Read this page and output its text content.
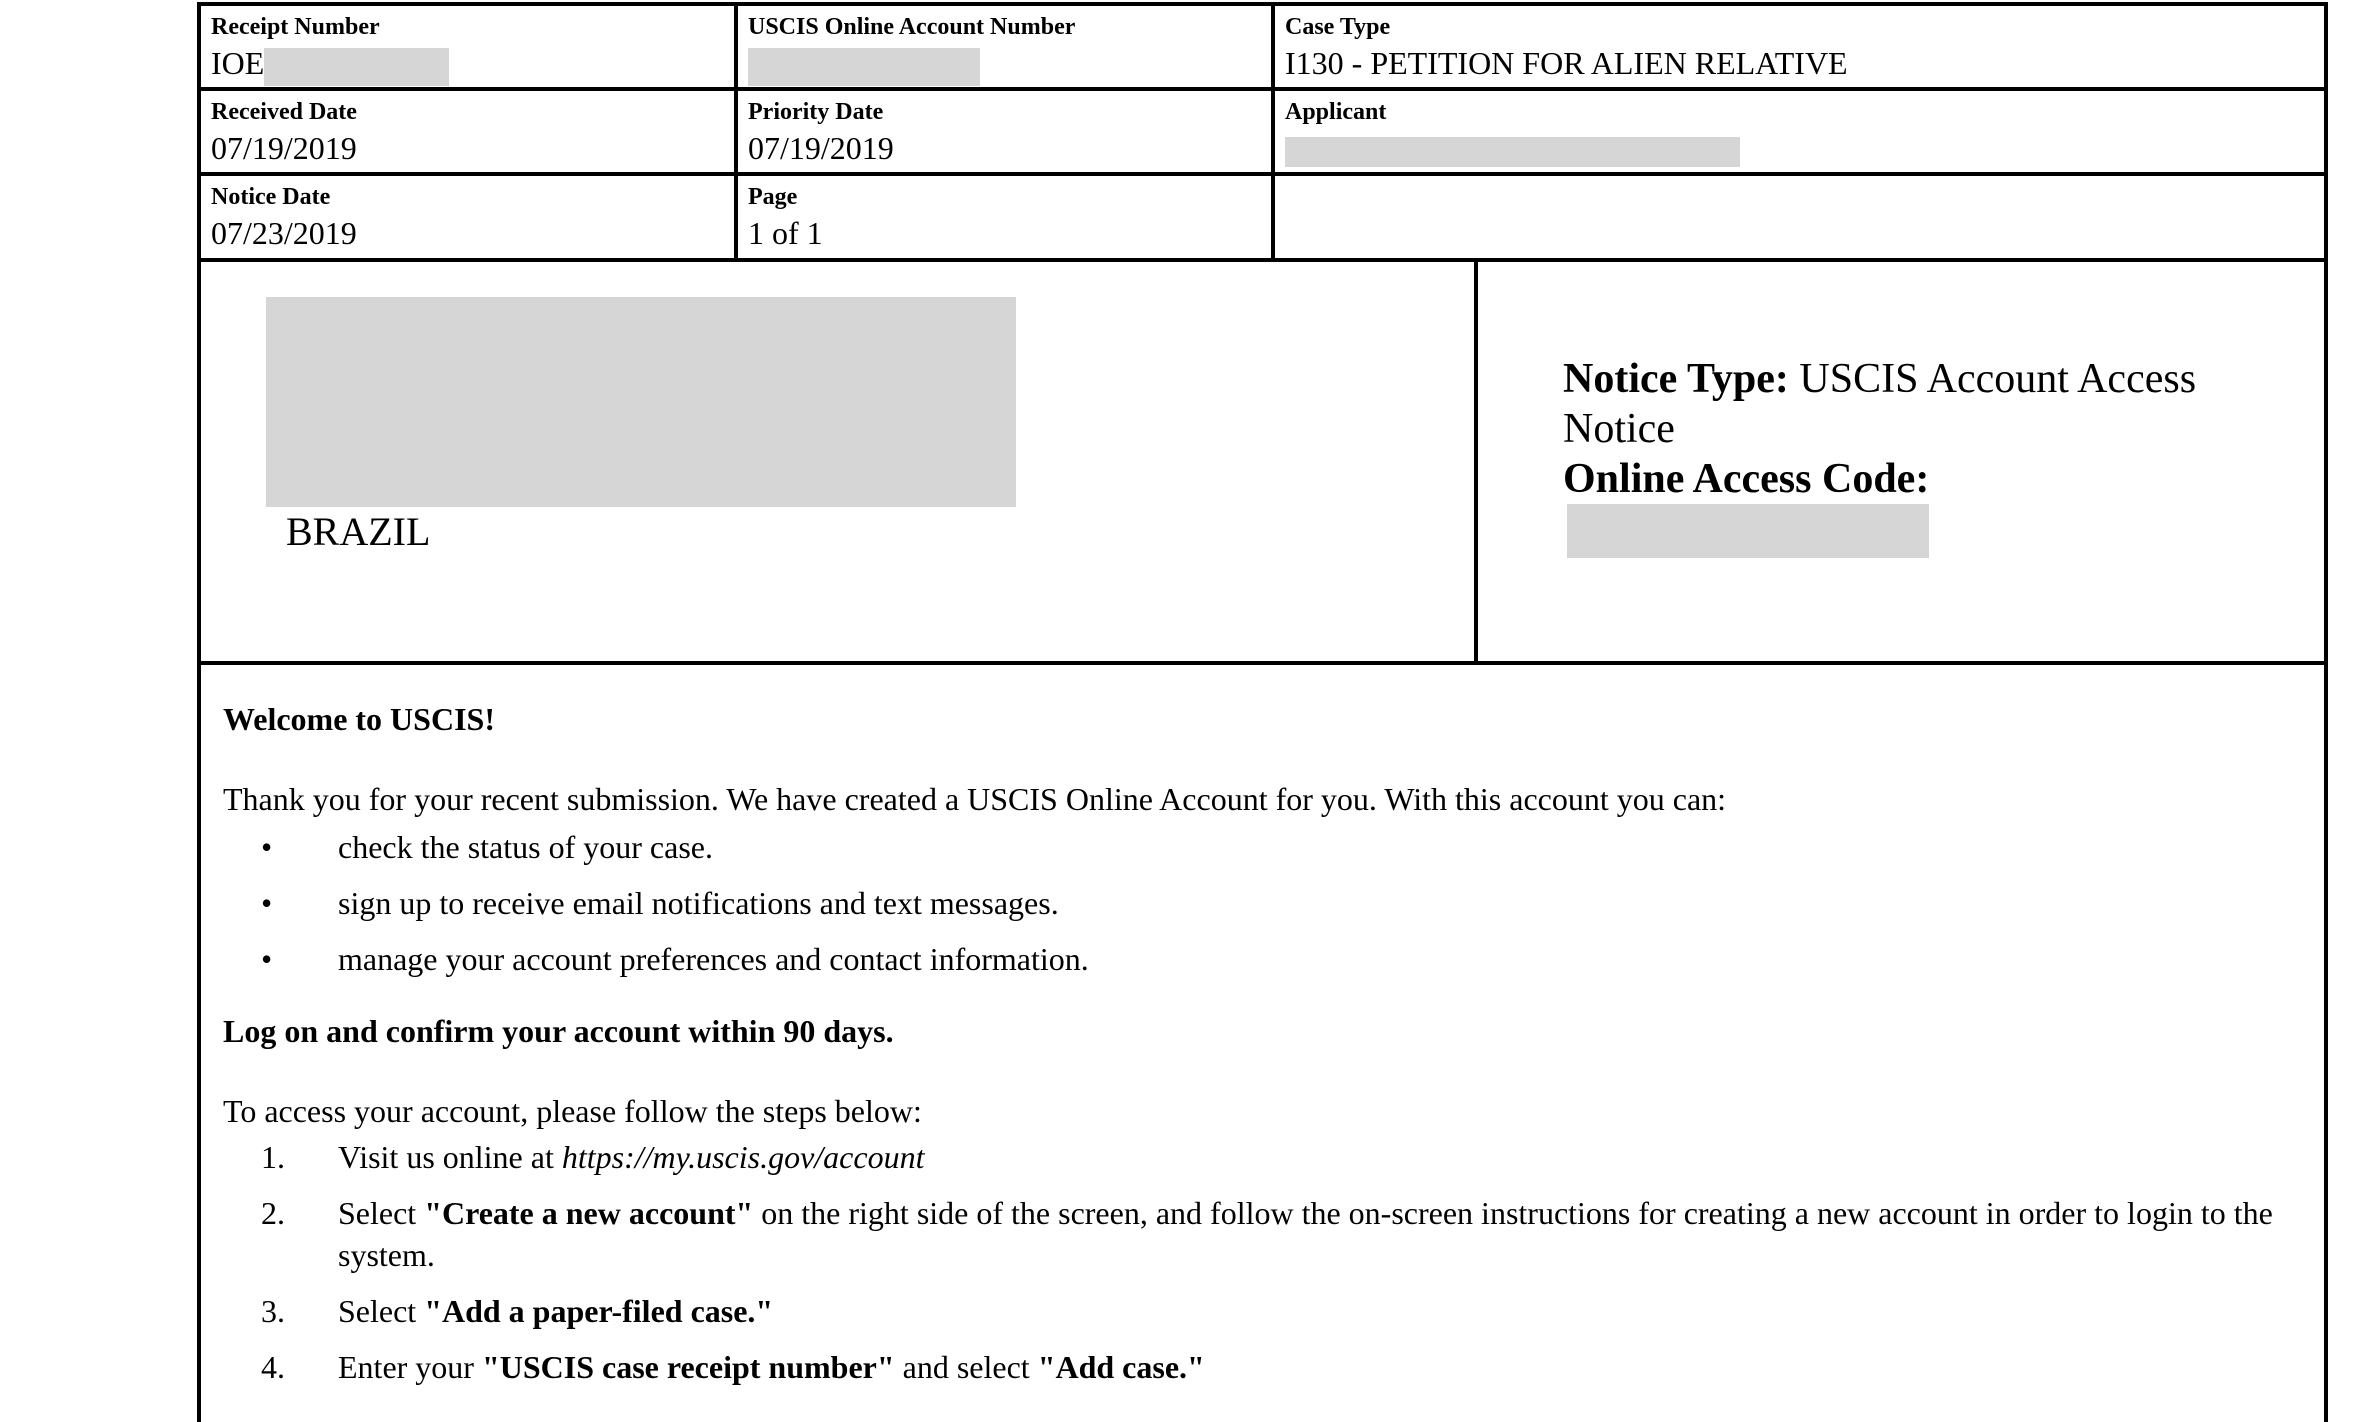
Receipt Number
IOE
USCIS Online Account Number	Case Type
I130 - PETITION FOR ALIEN RELATIVE
Received Date
07/19/2019
Priority Date
07/19/2019
Applicant
Notice Date
07/23/2019
Page
1 of 1
BRAZIL
Notice Type: USCIS Account Access Notice
Online Access Code:

Welcome to USCIS!

Thank you for your recent submission. We have created a USCIS Online Account for you. With this account you can:

• check the status of your case.
• sign up to receive email notifications and text messages.
• manage your account preferences and contact information.

Log on and confirm your account within 90 days.

To access your account, please follow the steps below:

1. Visit us online at https://my.uscis.gov/account
2. Select "Create a new account" on the right side of the screen, and follow the on-screen instructions for creating a new account in order to login to the system.
3. Select "Add a paper-filed case."
4. Enter your "USCIS case receipt number" and select "Add case."
